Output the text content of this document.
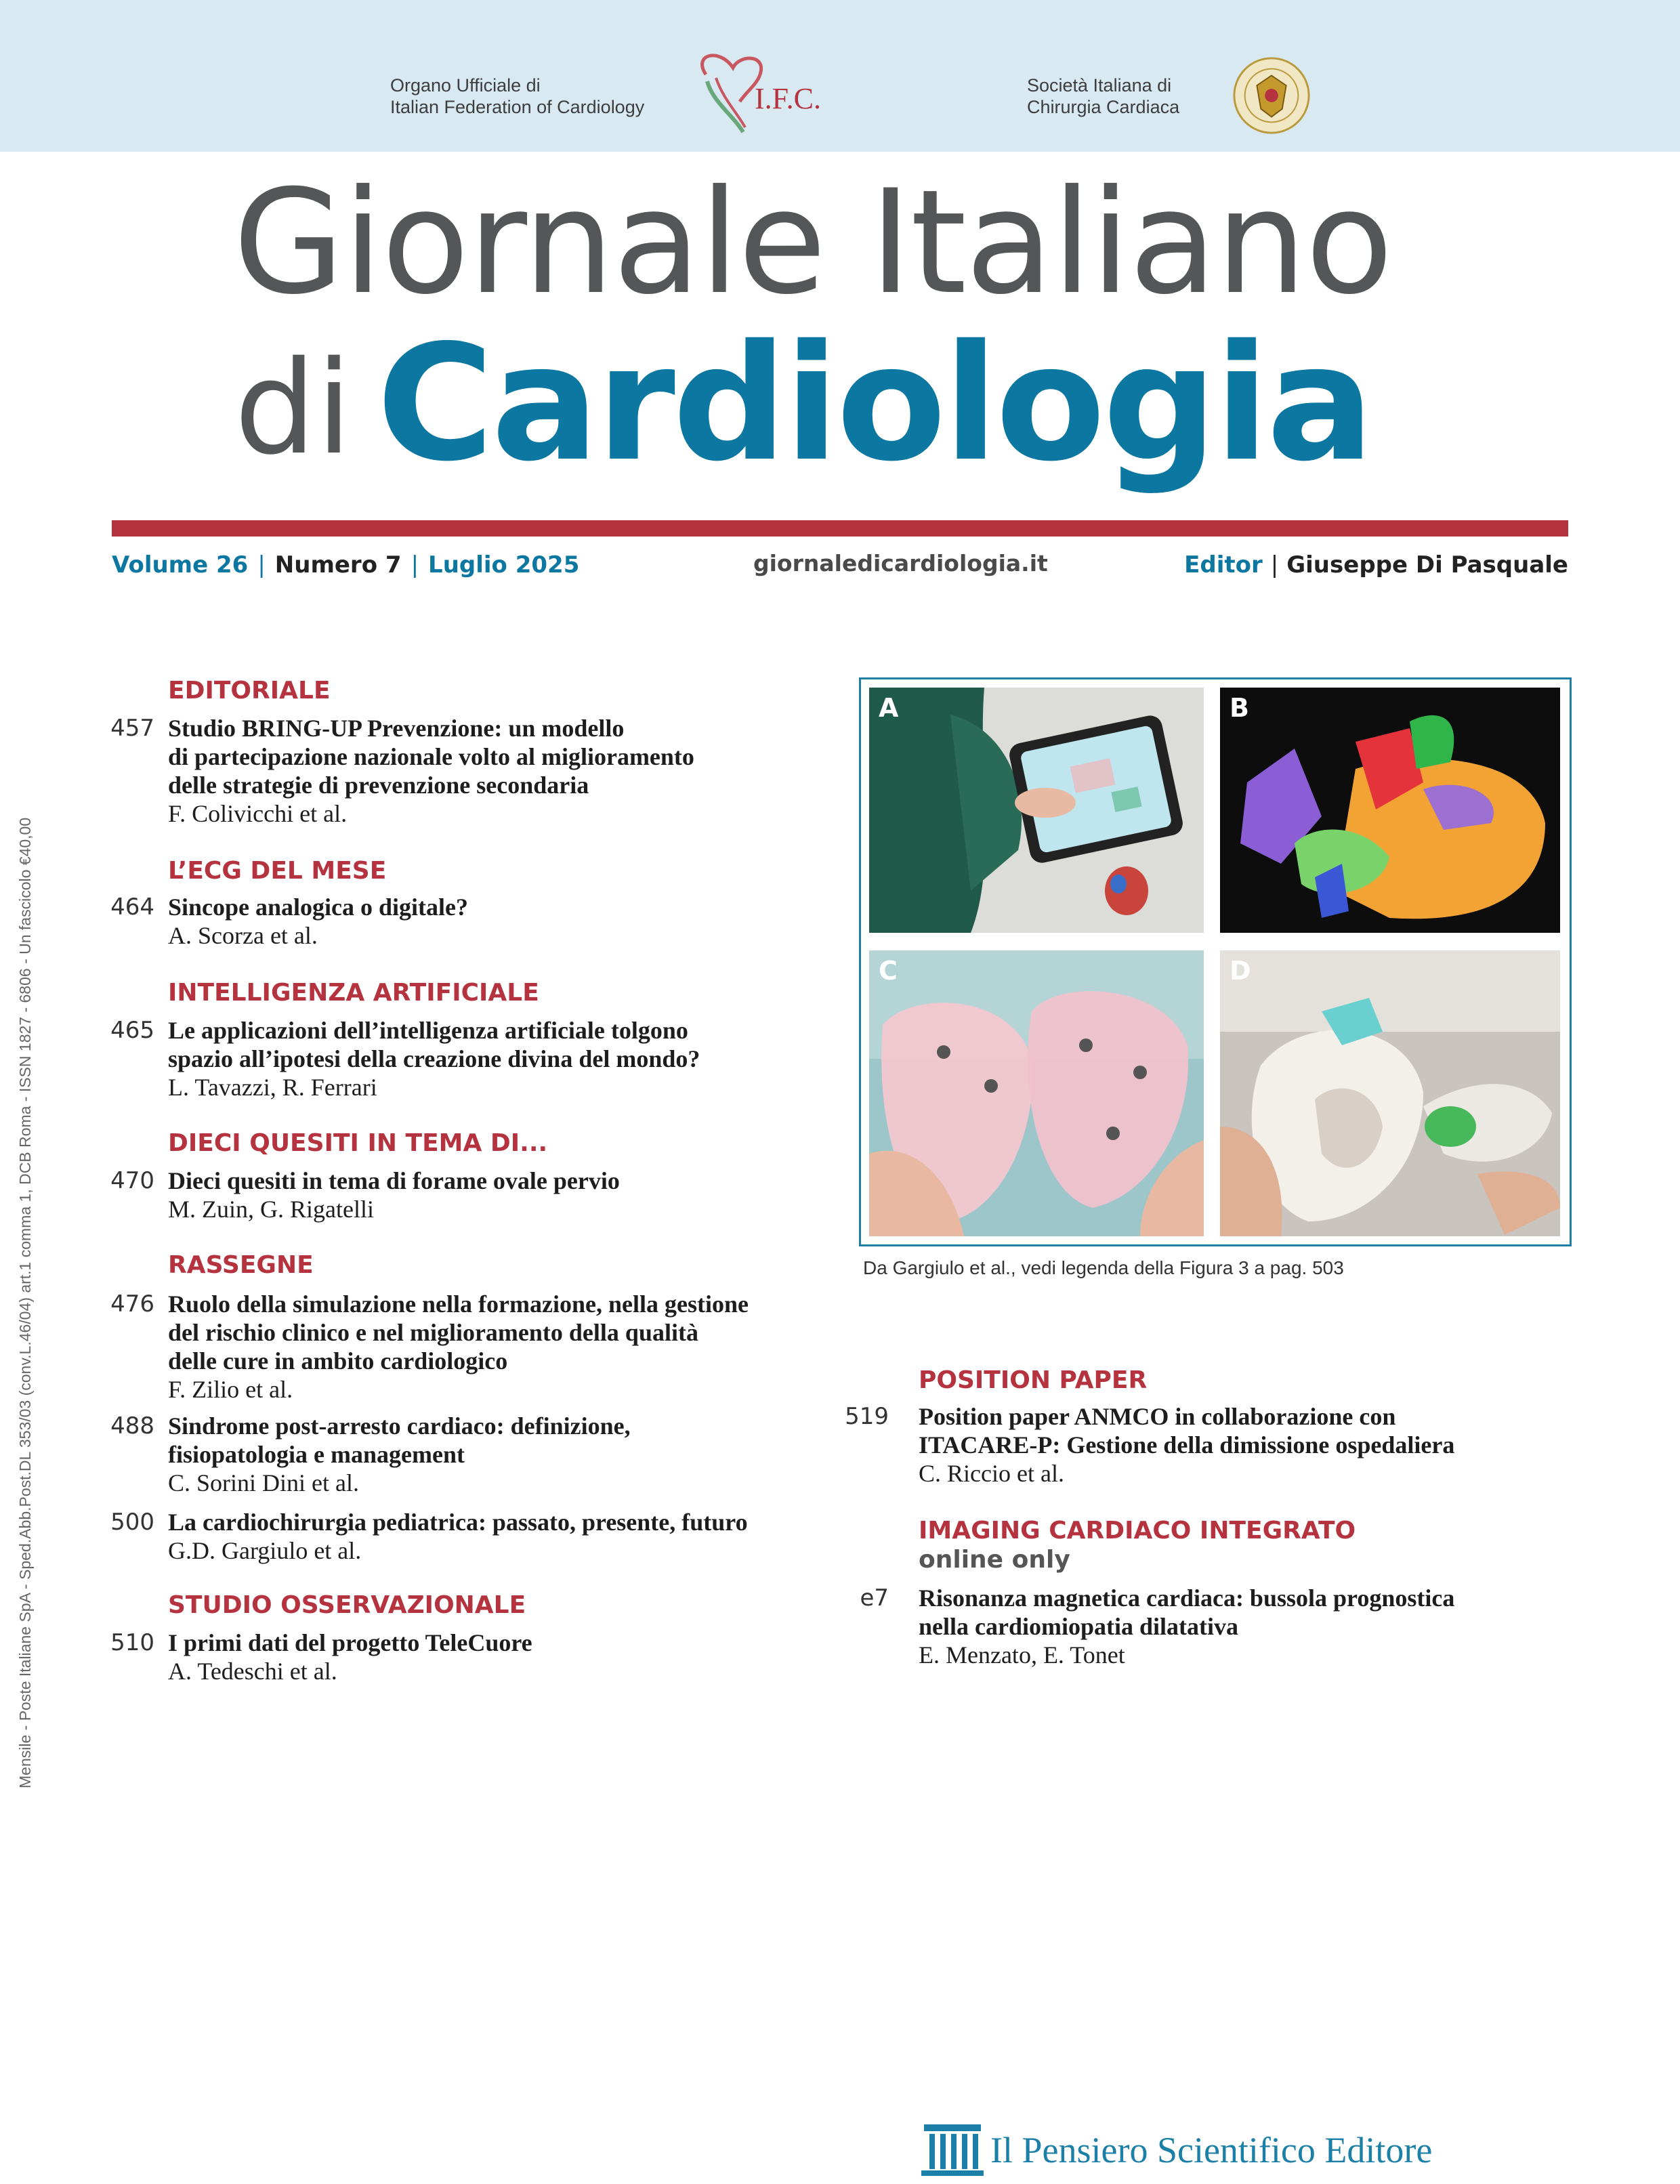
Organo Ufficiale di
Italian Federation of Cardiology	I.F.C.	Società Italiana di
Chirurgia Cardiaca
Giornale Italiano
di Cardiologia
Volume 26 | Numero 7 | Luglio 2025	giornaledicardiologia.it	Editor | Giuseppe Di Pasquale
Mensile - Poste Italiane SpA - Sped.Abb.Post.DL 353/03 (conv.L.46/04) art.1 comma 1, DCB Roma - ISSN 1827 - 6806 - Un fascicolo €40,00
EDITORIALE
457 Studio BRING-UP Prevenzione: un modello
di partecipazione nazionale volto al miglioramento
delle strategie di prevenzione secondaria
F. Colivicchi et al.
L’ECG DEL MESE
464 Sincope analogica o digitale?
A. Scorza et al.
INTELLIGENZA ARTIFICIALE
465 Le applicazioni dell’intelligenza artificiale tolgono
spazio all’ipotesi della creazione divina del mondo?
L. Tavazzi, R. Ferrari
DIECI QUESITI IN TEMA DI...
470 Dieci quesiti in tema di forame ovale pervio
M. Zuin, G. Rigatelli
RASSEGNE
476 Ruolo della simulazione nella formazione, nella gestione
del rischio clinico e nel miglioramento della qualità
delle cure in ambito cardiologico
F. Zilio et al.
488 Sindrome post-arresto cardiaco: definizione,
fisiopatologia e management
C. Sorini Dini et al.
500 La cardiochirurgia pediatrica: passato, presente, futuro
G.D. Gargiulo et al.
STUDIO OSSERVAZIONALE
510 I primi dati del progetto TeleCuore
A. Tedeschi et al.
A	B
C	D
Da Gargiulo et al., vedi legenda della Figura 3 a pag. 503
POSITION PAPER
519 Position paper ANMCO in collaborazione con
ITACARE-P: Gestione della dimissione ospedaliera
C. Riccio et al.
IMAGING CARDIACO INTEGRATO
online only
e7 Risonanza magnetica cardiaca: bussola prognostica
nella cardiomiopatia dilatativa
E. Menzato, E. Tonet
Il Pensiero Scientifico Editore
